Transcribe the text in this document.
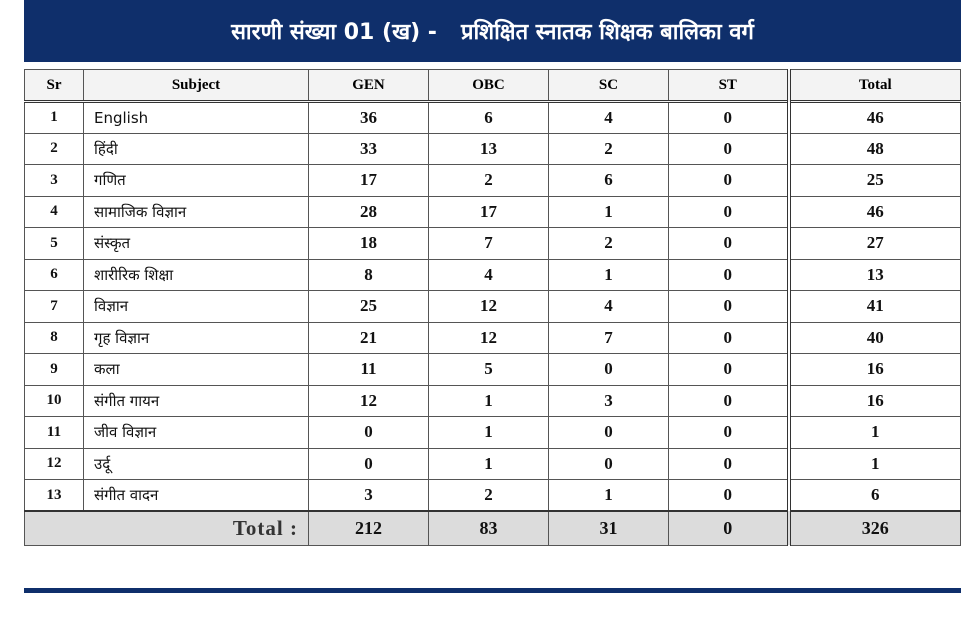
सारणी संख्या 01 (ख) - प्रशिक्षित स्नातक शिक्षक बालिका वर्ग
Sr	Subject	GEN	OBC	SC	ST	Total
1	English	36	6	4	0	46
2	हिंदी	33	13	2	0	48
3	गणित	17	2	6	0	25
4	सामाजिक विज्ञान	28	17	1	0	46
5	संस्कृत	18	7	2	0	27
6	शारीरिक शिक्षा	8	4	1	0	13
7	विज्ञान	25	12	4	0	41
8	गृह विज्ञान	21	12	7	0	40
9	कला	11	5	0	0	16
10	संगीत गायन	12	1	3	0	16
11	जीव विज्ञान	0	1	0	0	1
12	उर्दू	0	1	0	0	1
13	संगीत वादन	3	2	1	0	6
Total :		212	83	31	0	326
